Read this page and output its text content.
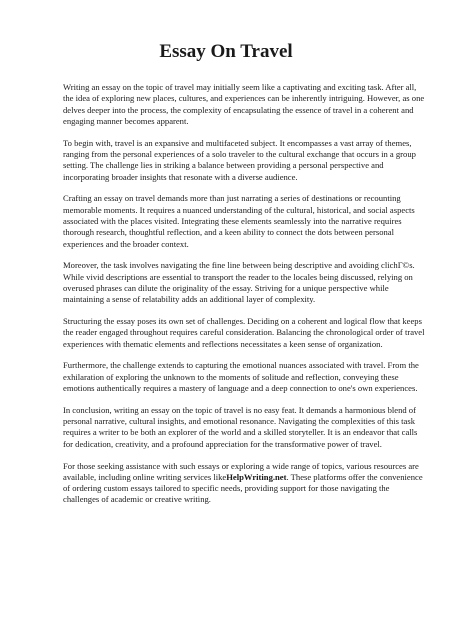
Essay On Travel

Writing an essay on the topic of travel may initially seem like a captivating and exciting task. After all, the idea of exploring new places, cultures, and experiences can be inherently intriguing. However, as one delves deeper into the process, the complexity of encapsulating the essence of travel in a coherent and engaging manner becomes apparent.

To begin with, travel is an expansive and multifaceted subject. It encompasses a vast array of themes, ranging from the personal experiences of a solo traveler to the cultural exchange that occurs in a group setting. The challenge lies in striking a balance between providing a personal perspective and incorporating broader insights that resonate with a diverse audience.

Crafting an essay on travel demands more than just narrating a series of destinations or recounting memorable moments. It requires a nuanced understanding of the cultural, historical, and social aspects associated with the places visited. Integrating these elements seamlessly into the narrative requires thorough research, thoughtful reflection, and a keen ability to connect the dots between personal experiences and the broader context.

Moreover, the task involves navigating the fine line between being descriptive and avoiding clichГ©s. While vivid descriptions are essential to transport the reader to the locales being discussed, relying on overused phrases can dilute the originality of the essay. Striving for a unique perspective while maintaining a sense of relatability adds an additional layer of complexity.

Structuring the essay poses its own set of challenges. Deciding on a coherent and logical flow that keeps the reader engaged throughout requires careful consideration. Balancing the chronological order of travel experiences with thematic elements and reflections necessitates a keen sense of organization.

Furthermore, the challenge extends to capturing the emotional nuances associated with travel. From the exhilaration of exploring the unknown to the moments of solitude and reflection, conveying these emotions authentically requires a mastery of language and a deep connection to one's own experiences.

In conclusion, writing an essay on the topic of travel is no easy feat. It demands a harmonious blend of personal narrative, cultural insights, and emotional resonance. Navigating the complexities of this task requires a writer to be both an explorer of the world and a skilled storyteller. It is an endeavor that calls for dedication, creativity, and a profound appreciation for the transformative power of travel.

For those seeking assistance with such essays or exploring a wide range of topics, various resources are available, including online writing services likeHelpWriting.net. These platforms offer the convenience of ordering custom essays tailored to specific needs, providing support for those navigating the challenges of academic or creative writing.
